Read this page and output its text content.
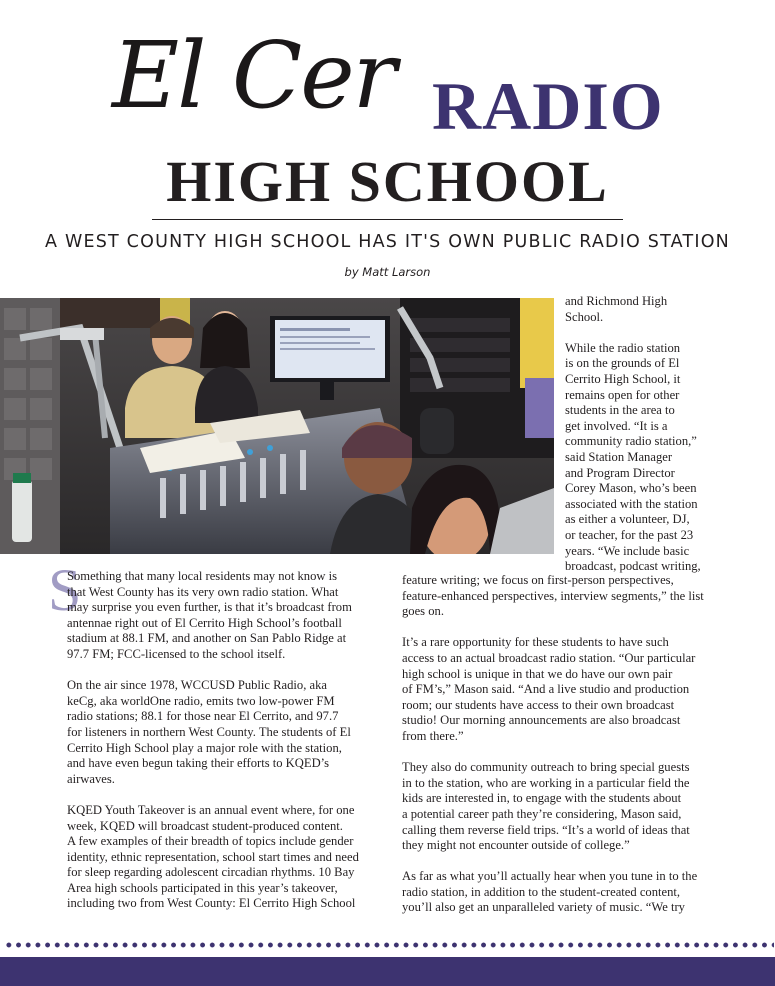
El Cer RADIO
HIGH SCHOOL
A WEST COUNTY HIGH SCHOOL HAS IT'S OWN PUBLIC RADIO STATION
by Matt Larson

and Richmond High
School.

While the radio station
is on the grounds of El
Cerrito High School, it
remains open for other
students in the area to
get involved. “It is a
community radio station,”
said Station Manager
and Program Director
Corey Mason, who’s been
associated with the station
as either a volunteer, DJ,
or teacher, for the past 23
years. “We include basic
broadcast, podcast writing,

S

Something that many local residents may not know is
that West County has its very own radio station. What
may surprise you even further, is that it’s broadcast from
antennae right out of El Cerrito High School’s football
stadium at 88.1 FM, and another on San Pablo Ridge at
97.7 FM; FCC-licensed to the school itself.

On the air since 1978, WCCUSD Public Radio, aka
keCg, aka worldOne radio, emits two low-power FM
radio stations; 88.1 for those near El Cerrito, and 97.7
for listeners in northern West County. The students of El
Cerrito High School play a major role with the station,
and have even begun taking their efforts to KQED’s
airwaves.

KQED Youth Takeover is an annual event where, for one
week, KQED will broadcast student-produced content.
A few examples of their breadth of topics include gender
identity, ethnic representation, school start times and need
for sleep regarding adolescent circadian rhythms. 10 Bay
Area high schools participated in this year’s takeover,
including two from West County: El Cerrito High School

feature writing; we focus on first-person perspectives,
feature-enhanced perspectives, interview segments,” the list
goes on.

It’s a rare opportunity for these students to have such
access to an actual broadcast radio station. “Our particular
high school is unique in that we do have our own pair
of FM’s,” Mason said. “And a live studio and production
room; our students have access to their own broadcast
studio! Our morning announcements are also broadcast
from there.”

They also do community outreach to bring special guests
in to the station, who are working in a particular field the
kids are interested in, to engage with the students about
a potential career path they’re considering, Mason said,
calling them reverse field trips. “It’s a world of ideas that
they might not encounter outside of college.”

As far as what you’ll actually hear when you tune in to the
radio station, in addition to the student-created content,
you’ll also get an unparalleled variety of music. “We try
